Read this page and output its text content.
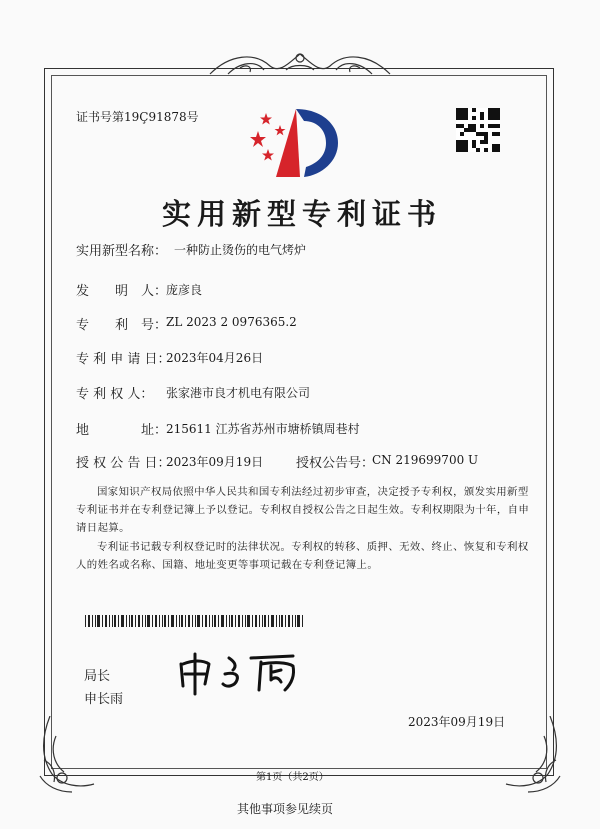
证书号第19Ç91878号
实用新型专利证书
实用新型名称： 一种防止烫伤的电气烤炉
发　　明　人：
庞彦良
专　　利　号：
ZL 2023 2 0976365.2
专 利 申 请 日：
2023年04月26日
专 利 权 人： 张家港市良才机电有限公司
地　　　　址：
215611 江苏省苏州市塘桥镇周巷村
授 权 公 告 日：
2023年09月19日	授权公告号：
CN 219699700 U
国家知识产权局依照中华人民共和国专利法经过初步审查，决定授予专利权，颁发实用新型
专利证书并在专利登记簿上予以登记。专利权自授权公告之日起生效。专利权期限为十年，自申
请日起算。
专利证书记载专利权登记时的法律状况。专利权的转移、质押、无效、终止、恢复和专利权
人的姓名或名称、国籍、地址变更等事项记载在专利登记簿上。
局长
申长雨
2023年09月19日
第1页（共2页）
其他事项参见续页
